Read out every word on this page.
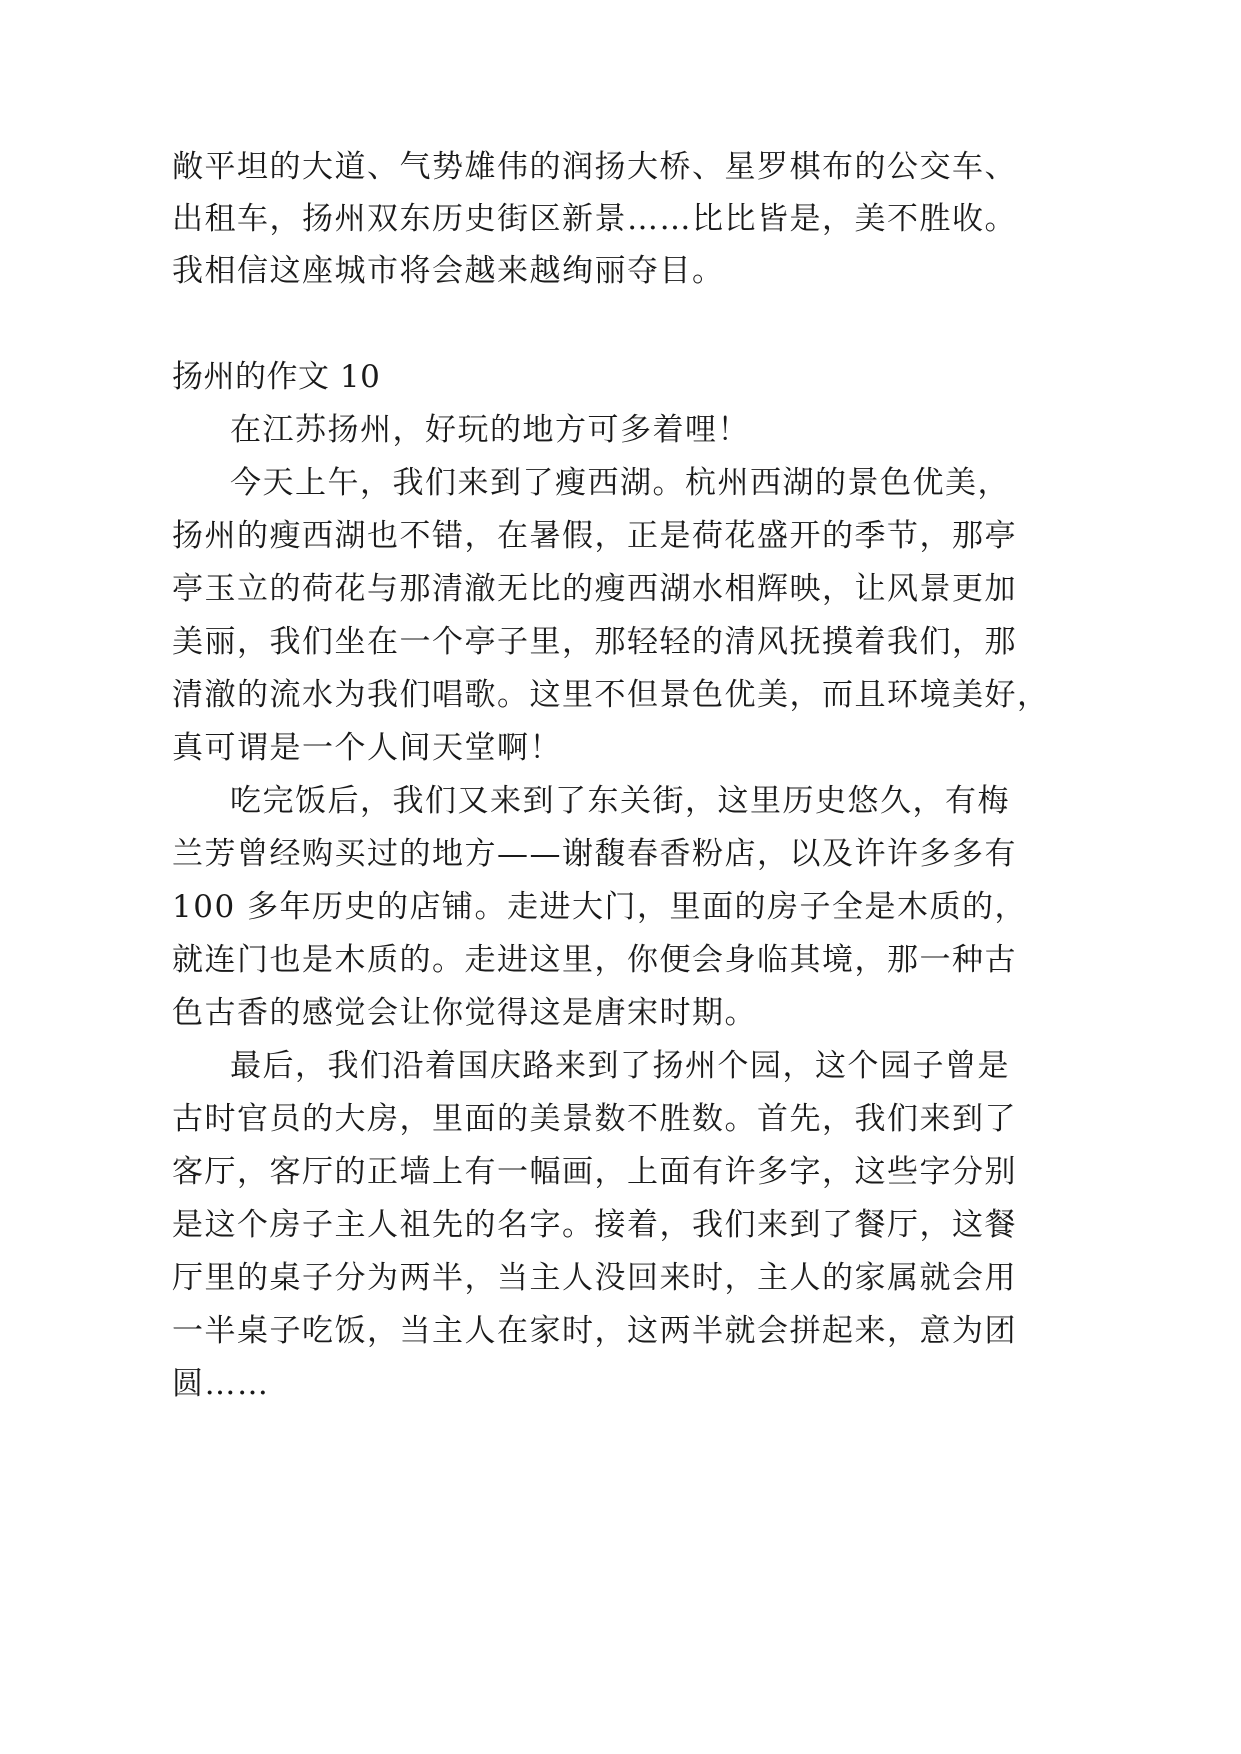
敞平坦的大道、气势雄伟的润扬大桥、星罗棋布的公交车、
出租车，扬州双东历史街区新景……比比皆是，美不胜收。
我相信这座城市将会越来越绚丽夺目。
扬州的作文 10
在江苏扬州，好玩的地方可多着哩！
今天上午，我们来到了瘦西湖。杭州西湖的景色优美，
扬州的瘦西湖也不错，在暑假，正是荷花盛开的季节，那亭
亭玉立的荷花与那清澈无比的瘦西湖水相辉映，让风景更加
美丽，我们坐在一个亭子里，那轻轻的清风抚摸着我们，那
清澈的流水为我们唱歌。这里不但景色优美，而且环境美好，
真可谓是一个人间天堂啊！
吃完饭后，我们又来到了东关街，这里历史悠久，有梅
兰芳曾经购买过的地方——谢馥春香粉店，以及许许多多有
100 多年历史的店铺。走进大门，里面的房子全是木质的，
就连门也是木质的。走进这里，你便会身临其境，那一种古
色古香的感觉会让你觉得这是唐宋时期。
最后，我们沿着国庆路来到了扬州个园，这个园子曾是
古时官员的大房，里面的美景数不胜数。首先，我们来到了
客厅，客厅的正墙上有一幅画，上面有许多字，这些字分别
是这个房子主人祖先的名字。接着，我们来到了餐厅，这餐
厅里的桌子分为两半，当主人没回来时，主人的家属就会用
一半桌子吃饭，当主人在家时，这两半就会拼起来，意为团
圆……
